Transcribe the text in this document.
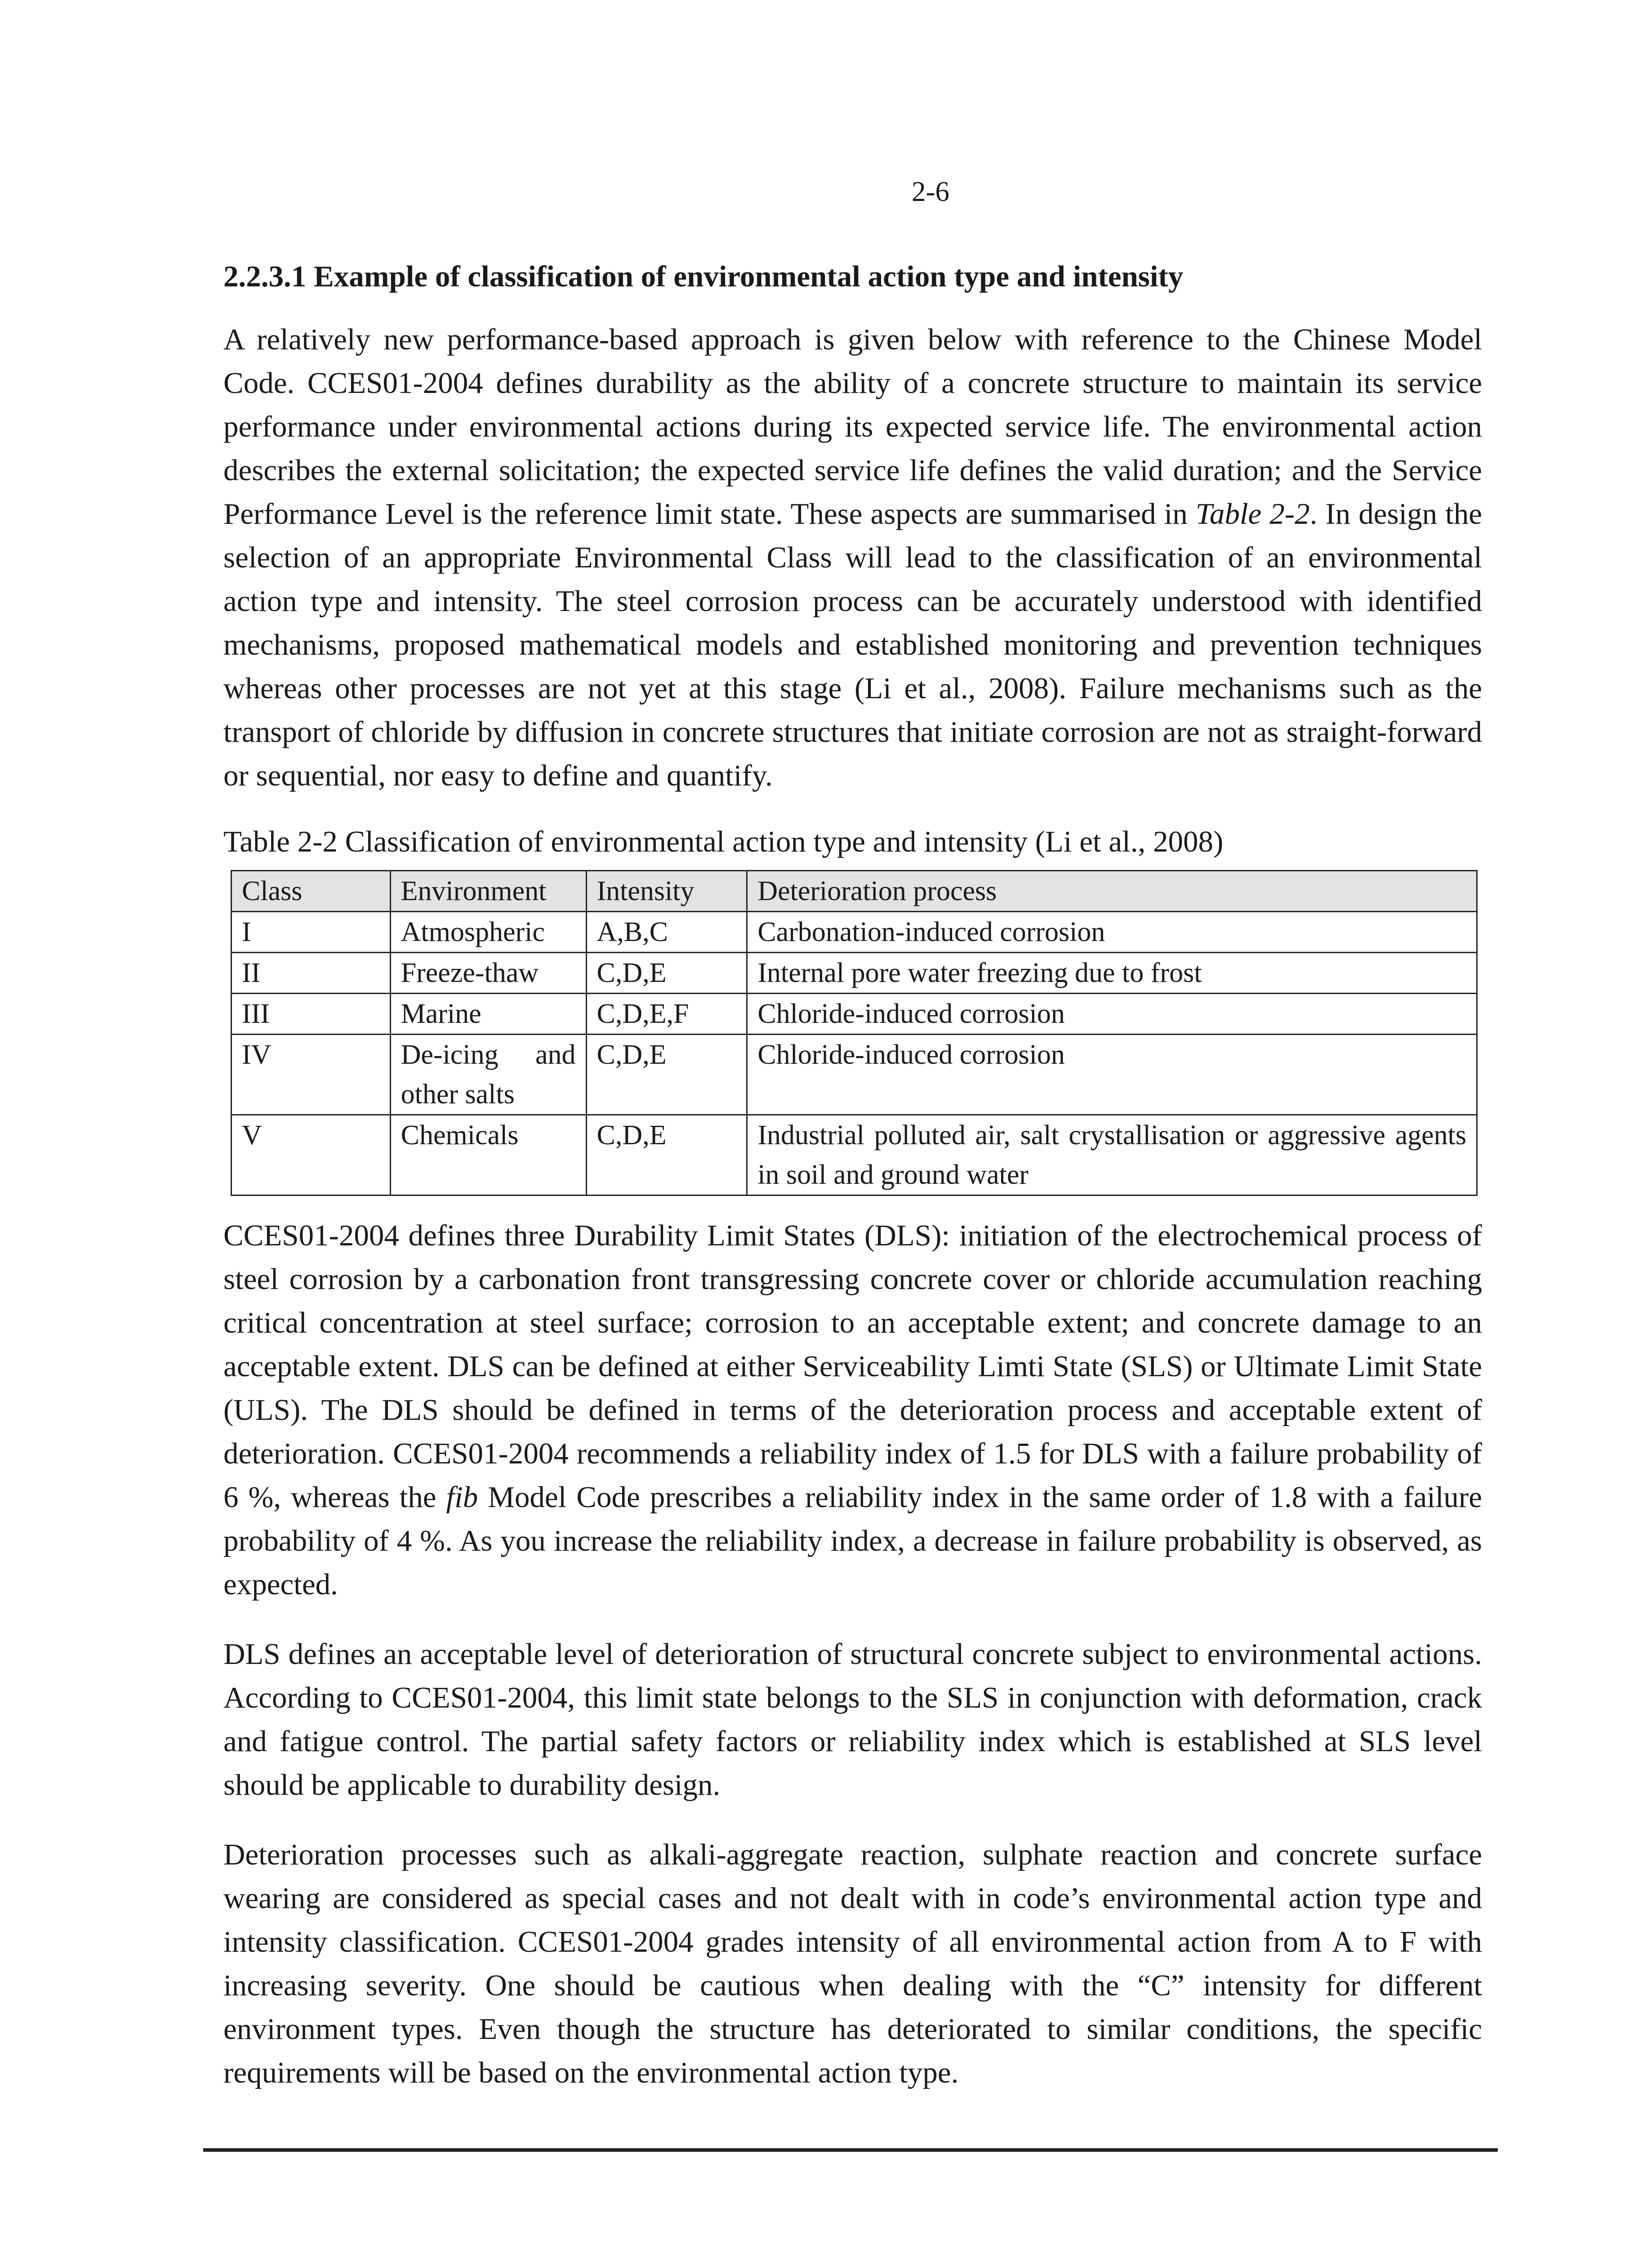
2-6
2.2.3.1 Example of classification of environmental action type and intensity

A relatively new performance-based approach is given below with reference to the Chinese Model Code. CCES01-2004 defines durability as the ability of a concrete structure to maintain its service performance under environmental actions during its expected service life. The environmental action describes the external solicitation; the expected service life defines the valid duration; and the Service Performance Level is the reference limit state. These aspects are summarised in Table 2-2. In design the selection of an appropriate Environmental Class will lead to the classification of an environmental action type and intensity. The steel corrosion process can be accurately understood with identified mechanisms, proposed mathematical models and established monitoring and prevention techniques whereas other processes are not yet at this stage (Li et al., 2008). Failure mechanisms such as the transport of chloride by diffusion in concrete structures that initiate corrosion are not as straight-forward or sequential, nor easy to define and quantify.

Table 2-2 Classification of environmental action type and intensity (Li et al., 2008)
Class	Environment	Intensity	Deterioration process
I	Atmospheric	A,B,C	Carbonation-induced corrosion
II	Freeze-thaw	C,D,E	Internal pore water freezing due to frost
III	Marine	C,D,E,F	Chloride-induced corrosion
IV	De-icing and other salts	C,D,E	Chloride-induced corrosion
V	Chemicals	C,D,E	Industrial polluted air, salt crystallisation or aggressive agents in soil and ground water

CCES01-2004 defines three Durability Limit States (DLS): initiation of the electrochemical process of steel corrosion by a carbonation front transgressing concrete cover or chloride accumulation reaching critical concentration at steel surface; corrosion to an acceptable extent; and concrete damage to an acceptable extent. DLS can be defined at either Serviceability Limti State (SLS) or Ultimate Limit State (ULS). The DLS should be defined in terms of the deterioration process and acceptable extent of deterioration. CCES01-2004 recommends a reliability index of 1.5 for DLS with a failure probability of 6 %, whereas the fib Model Code prescribes a reliability index in the same order of 1.8 with a failure probability of 4 %. As you increase the reliability index, a decrease in failure probability is observed, as expected.

DLS defines an acceptable level of deterioration of structural concrete subject to environmental actions. According to CCES01-2004, this limit state belongs to the SLS in conjunction with deformation, crack and fatigue control. The partial safety factors or reliability index which is established at SLS level should be applicable to durability design.

Deterioration processes such as alkali-aggregate reaction, sulphate reaction and concrete surface wearing are considered as special cases and not dealt with in code’s environmental action type and intensity classification. CCES01-2004 grades intensity of all environmental action from A to F with increasing severity. One should be cautious when dealing with the “C” intensity for different environment types. Even though the structure has deteriorated to similar conditions, the specific requirements will be based on the environmental action type.
